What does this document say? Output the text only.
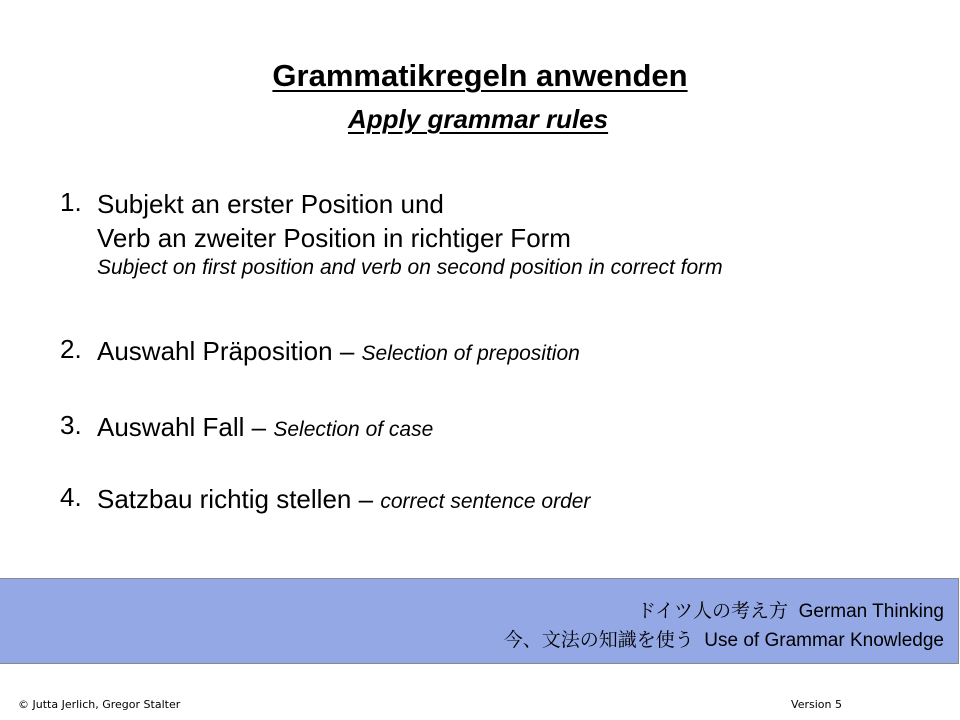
Grammatikregeln anwenden
Apply grammar rules
1. Subjekt an erster Position und
Verb an zweiter Position in richtiger Form
Subject on first position and verb on second position in correct form
2. Auswahl Präposition – Selection of preposition
3. Auswahl Fall – Selection of case
4. Satzbau richtig stellen – correct sentence order
ドイツ人の考え方 German Thinking
今、文法の知識を使う Use of Grammar Knowledge
© Jutta Jerlich, Gregor Stalter	Version 5
